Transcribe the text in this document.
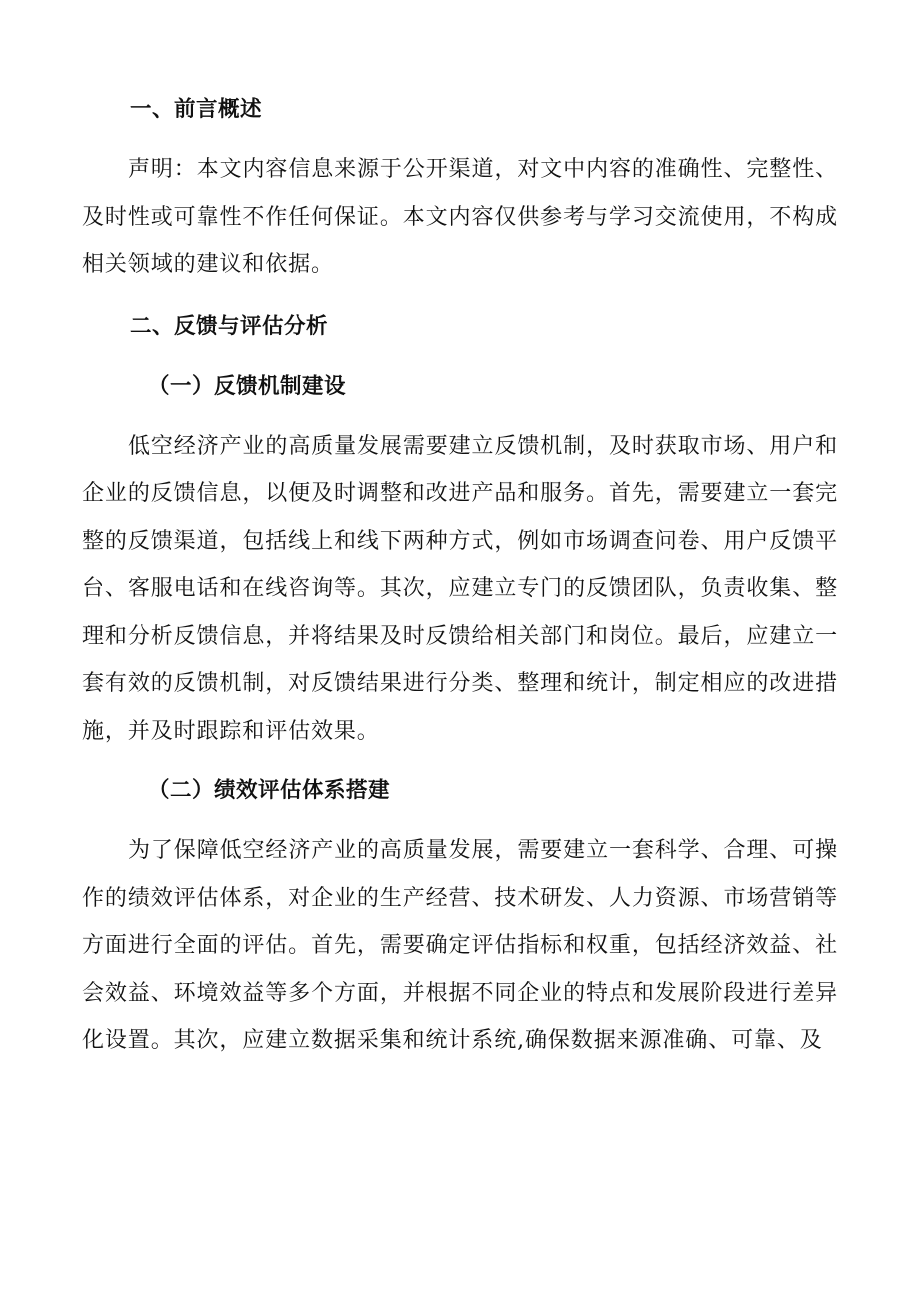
一、前言概述

声明：本文内容信息来源于公开渠道，对文中内容的准确性、完整性、及时性或可靠性不作任何保证。本文内容仅供参考与学习交流使用，不构成相关领域的建议和依据。

二、反馈与评估分析
（一）反馈机制建设

低空经济产业的高质量发展需要建立反馈机制，及时获取市场、用户和企业的反馈信息，以便及时调整和改进产品和服务。首先，需要建立一套完整的反馈渠道，包括线上和线下两种方式，例如市场调查问卷、用户反馈平台、客服电话和在线咨询等。其次，应建立专门的反馈团队，负责收集、整理和分析反馈信息，并将结果及时反馈给相关部门和岗位。最后，应建立一套有效的反馈机制，对反馈结果进行分类、整理和统计，制定相应的改进措施，并及时跟踪和评估效果。

（二）绩效评估体系搭建

为了保障低空经济产业的高质量发展，需要建立一套科学、合理、可操作的绩效评估体系，对企业的生产经营、技术研发、人力资源、市场营销等方面进行全面的评估。首先，需要确定评估指标和权重，包括经济效益、社会效益、环境效益等多个方面，并根据不同企业的特点和发展阶段进行差异化设置。其次，应建立数据采集和统计系统,确保数据来源准确、可靠、及
